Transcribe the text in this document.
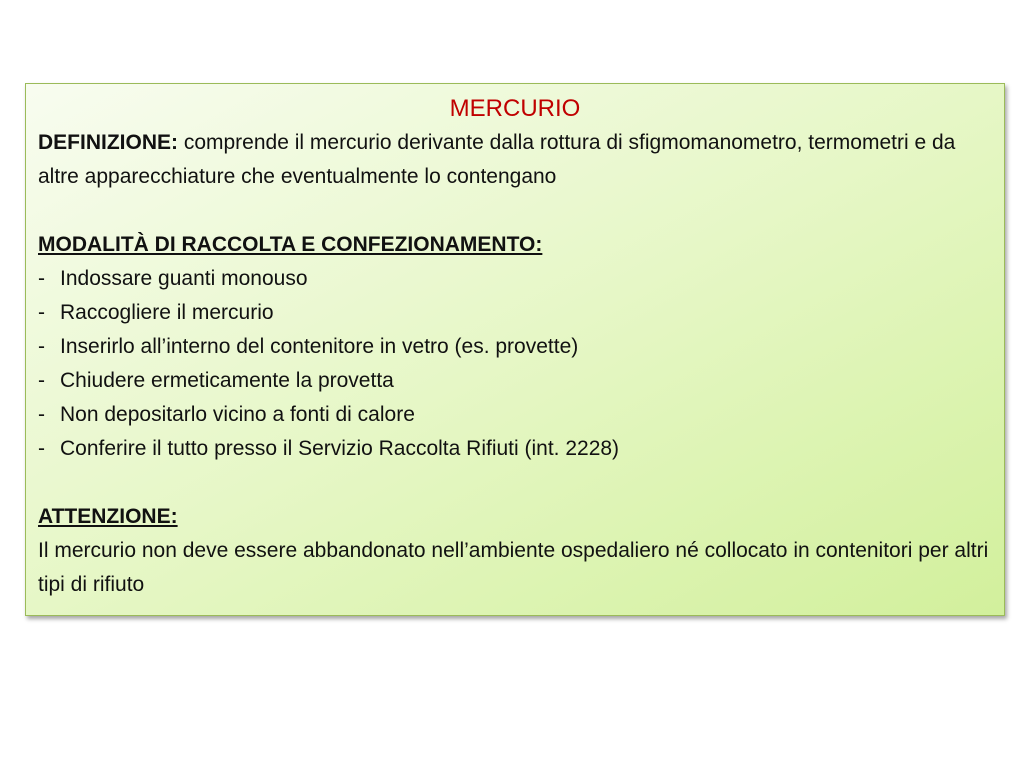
MERCURIO

DEFINIZIONE: comprende il mercurio derivante dalla rottura di sfigmomanometro, termometri e da altre apparecchiature che eventualmente lo contengano

MODALITÀ DI RACCOLTA E CONFEZIONAMENTO:
- Indossare guanti monouso
- Raccogliere il mercurio
- Inserirlo all’interno del contenitore in vetro (es. provette)
- Chiudere ermeticamente la provetta
- Non depositarlo vicino a fonti di calore
- Conferire il tutto presso il Servizio Raccolta Rifiuti (int. 2228)
ATTENZIONE:

Il mercurio non deve essere abbandonato nell’ambiente ospedaliero né collocato in contenitori per altri tipi di rifiuto
